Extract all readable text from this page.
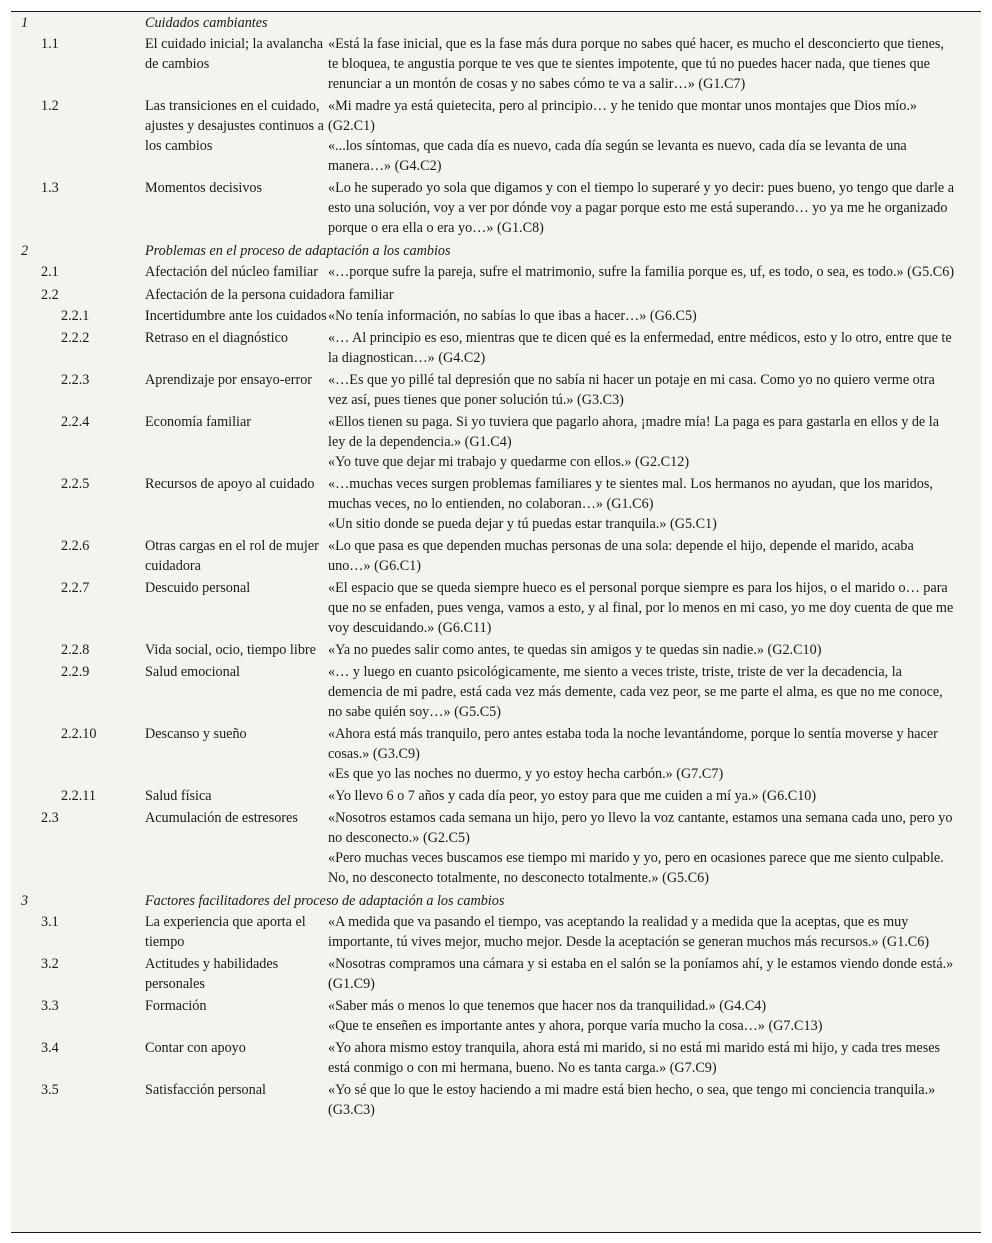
1	Cuidados cambiantes	
1.1	El cuidado inicial; la avalancha de cambios	«Está la fase inicial, que es la fase más dura porque no sabes qué hacer, es mucho el desconcierto que tienes, te bloquea, te angustia porque te ves que te sientes impotente, que tú no puedes hacer nada, que tienes que renunciar a un montón de cosas y no sabes cómo te va a salir…» (G1.C7)

1.2	Las transiciones en el cuidado, ajustes y desajustes continuos a los cambios	«Mi madre ya está quietecita, pero al principio… y he tenido que montar unos montajes que Dios mío.» (G2.C1)
«...los síntomas, que cada día es nuevo, cada día según se levanta es nuevo, cada día se levanta de una manera…» (G4.C2)

1.3	Momentos decisivos	«Lo he superado yo sola que digamos y con el tiempo lo superaré y yo decir: pues bueno, yo tengo que darle a esto una solución, voy a ver por dónde voy a pagar porque esto me está superando… yo ya me he organizado porque o era ella o era yo…» (G1.C8)

2	Problemas en el proceso de adaptación a los cambios	
2.1	Afectación del núcleo familiar	«…porque sufre la pareja, sufre el matrimonio, sufre la familia porque es, uf, es todo, o sea, es todo.» (G5.C6)

2.2	Afectación de la persona cuidadora familiar	
2.2.1	Incertidumbre ante los cuidados	«No tenía información, no sabías lo que ibas a hacer…» (G6.C5)

2.2.2	Retraso en el diagnóstico	«… Al principio es eso, mientras que te dicen qué es la enfermedad, entre médicos, esto y lo otro, entre que te la diagnostican…» (G4.C2)

2.2.3	Aprendizaje por ensayo-error	«…Es que yo pillé tal depresión que no sabía ni hacer un potaje en mi casa. Como yo no quiero verme otra vez así, pues tienes que poner solución tú.» (G3.C3)

2.2.4	Economía familiar	«Ellos tienen su paga. Si yo tuviera que pagarlo ahora, ¡madre mía! La paga es para gastarla en ellos y de la ley de la dependencia.» (G1.C4)
«Yo tuve que dejar mi trabajo y quedarme con ellos.» (G2.C12)

2.2.5	Recursos de apoyo al cuidado	«…muchas veces surgen problemas familiares y te sientes mal. Los hermanos no ayudan, que los maridos, muchas veces, no lo entienden, no colaboran…» (G1.C6)
«Un sitio donde se pueda dejar y tú puedas estar tranquila.» (G5.C1)

2.2.6	Otras cargas en el rol de mujer cuidadora	«Lo que pasa es que dependen muchas personas de una sola: depende el hijo, depende el marido, acaba uno…» (G6.C1)

2.2.7	Descuido personal	«El espacio que se queda siempre hueco es el personal porque siempre es para los hijos, o el marido o… para que no se enfaden, pues venga, vamos a esto, y al final, por lo menos en mi caso, yo me doy cuenta de que me voy descuidando.» (G6.C11)

2.2.8	Vida social, ocio, tiempo libre	«Ya no puedes salir como antes, te quedas sin amigos y te quedas sin nadie.» (G2.C10)

2.2.9	Salud emocional	«… y luego en cuanto psicológicamente, me siento a veces triste, triste, triste de ver la decadencia, la demencia de mi padre, está cada vez más demente, cada vez peor, se me parte el alma, es que no me conoce, no sabe quién soy…» (G5.C5)

2.2.10	Descanso y sueño	«Ahora está más tranquilo, pero antes estaba toda la noche levantándome, porque lo sentía moverse y hacer cosas.» (G3.C9)
«Es que yo las noches no duermo, y yo estoy hecha carbón.» (G7.C7)

2.2.11	Salud física	«Yo llevo 6 o 7 años y cada día peor, yo estoy para que me cuiden a mí ya.» (G6.C10)

2.3	Acumulación de estresores	«Nosotros estamos cada semana un hijo, pero yo llevo la voz cantante, estamos una semana cada uno, pero yo no desconecto.» (G2.C5)
«Pero muchas veces buscamos ese tiempo mi marido y yo, pero en ocasiones parece que me siento culpable. No, no desconecto totalmente, no desconecto totalmente.» (G5.C6)

3	Factores facilitadores del proceso de adaptación a los cambios	
3.1	La experiencia que aporta el tiempo	«A medida que va pasando el tiempo, vas aceptando la realidad y a medida que la aceptas, que es muy importante, tú vives mejor, mucho mejor. Desde la aceptación se generan muchos más recursos.» (G1.C6)

3.2	Actitudes y habilidades personales	«Nosotras compramos una cámara y si estaba en el salón se la poníamos ahí, y le estamos viendo donde está.» (G1.C9)

3.3	Formación	«Saber más o menos lo que tenemos que hacer nos da tranquilidad.» (G4.C4)
«Que te enseñen es importante antes y ahora, porque varía mucho la cosa…» (G7.C13)

3.4	Contar con apoyo	«Yo ahora mismo estoy tranquila, ahora está mi marido, si no está mi marido está mi hijo, y cada tres meses está conmigo o con mi hermana, bueno. No es tanta carga.» (G7.C9)

3.5	Satisfacción personal	«Yo sé que lo que le estoy haciendo a mi madre está bien hecho, o sea, que tengo mi conciencia tranquila.» (G3.C3)
